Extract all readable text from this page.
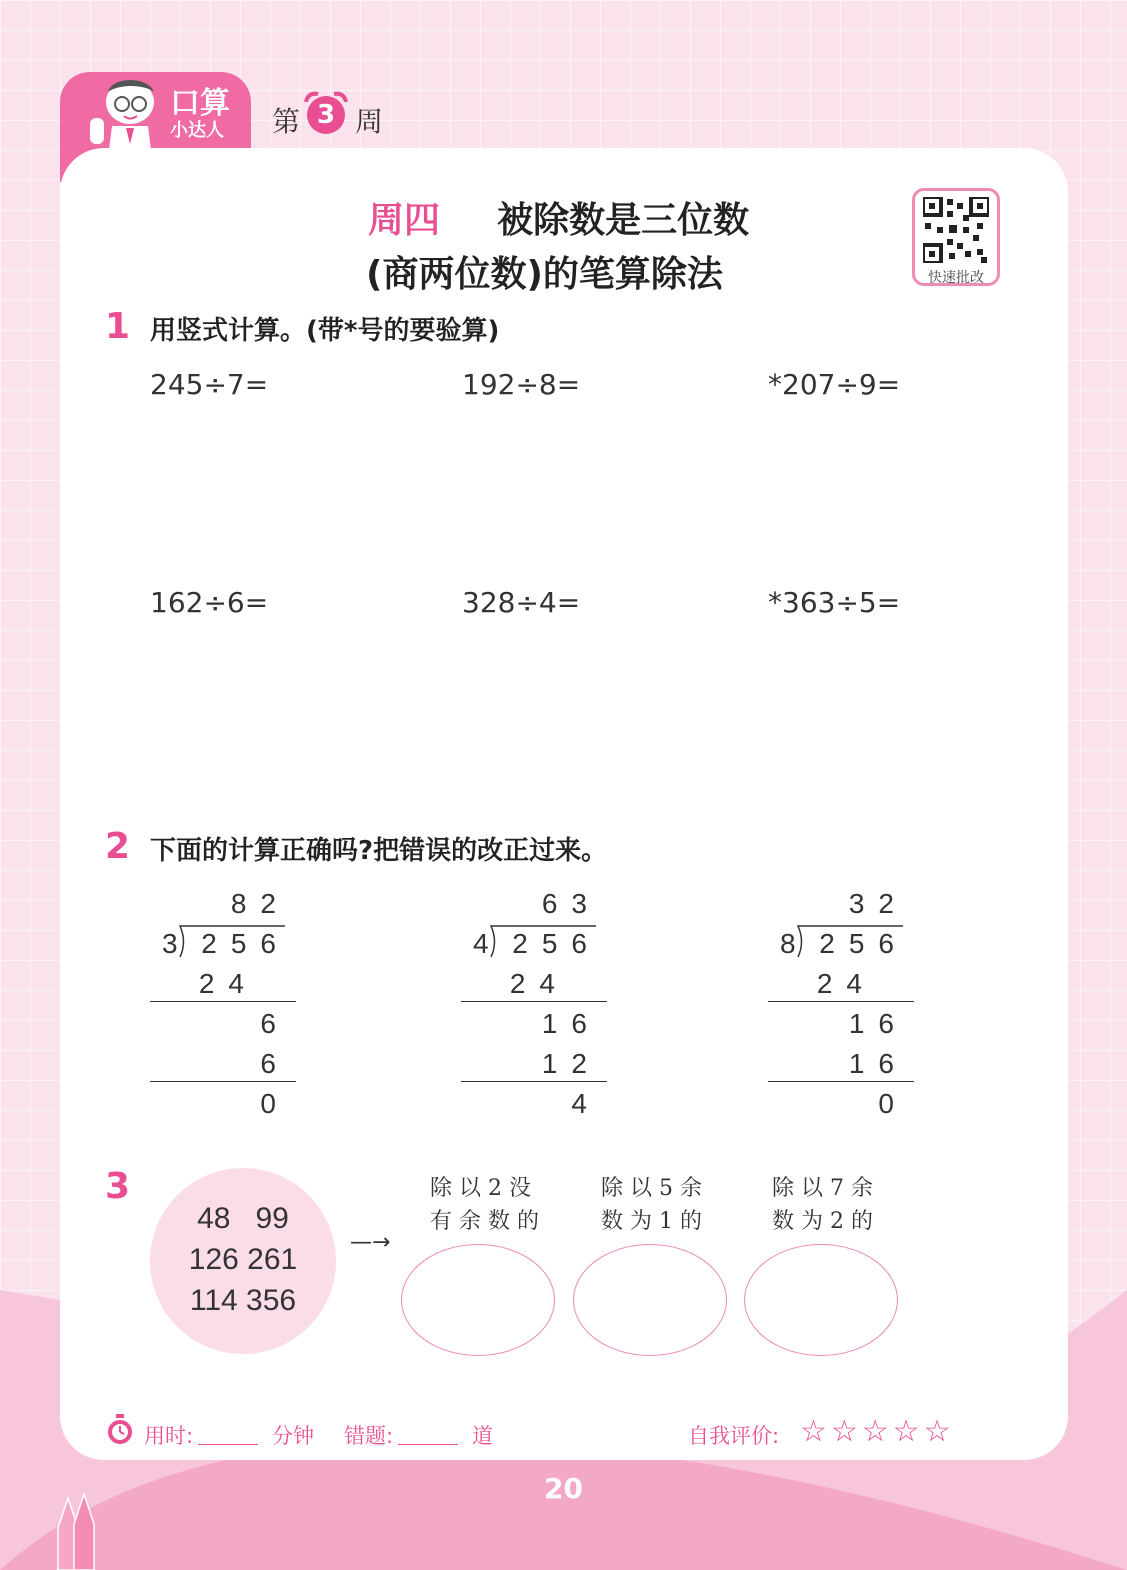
口算
小达人 第 3 周
周四 被除数是三位数
(商两位数)的笔算除法	快速批改
1 用竖式计算。(带*号的要验算)
245÷7=	192÷8=	*207÷9=
162÷6=	328÷4=	*363÷5=
2 下面的计算正确吗?把错误的改正过来。
82
3 256
24
6
6
0
63
4 256
24
16
12
4
32
8 256
24
16
16
0
3
48   99
126 261
114 356
—→
除 以 2 没
有 余 数 的
除 以 5 余
数 为 1 的
除 以 7 余
数 为 2 的
用时:	分钟 错题:	道	自我评价: ☆☆☆☆☆
20
